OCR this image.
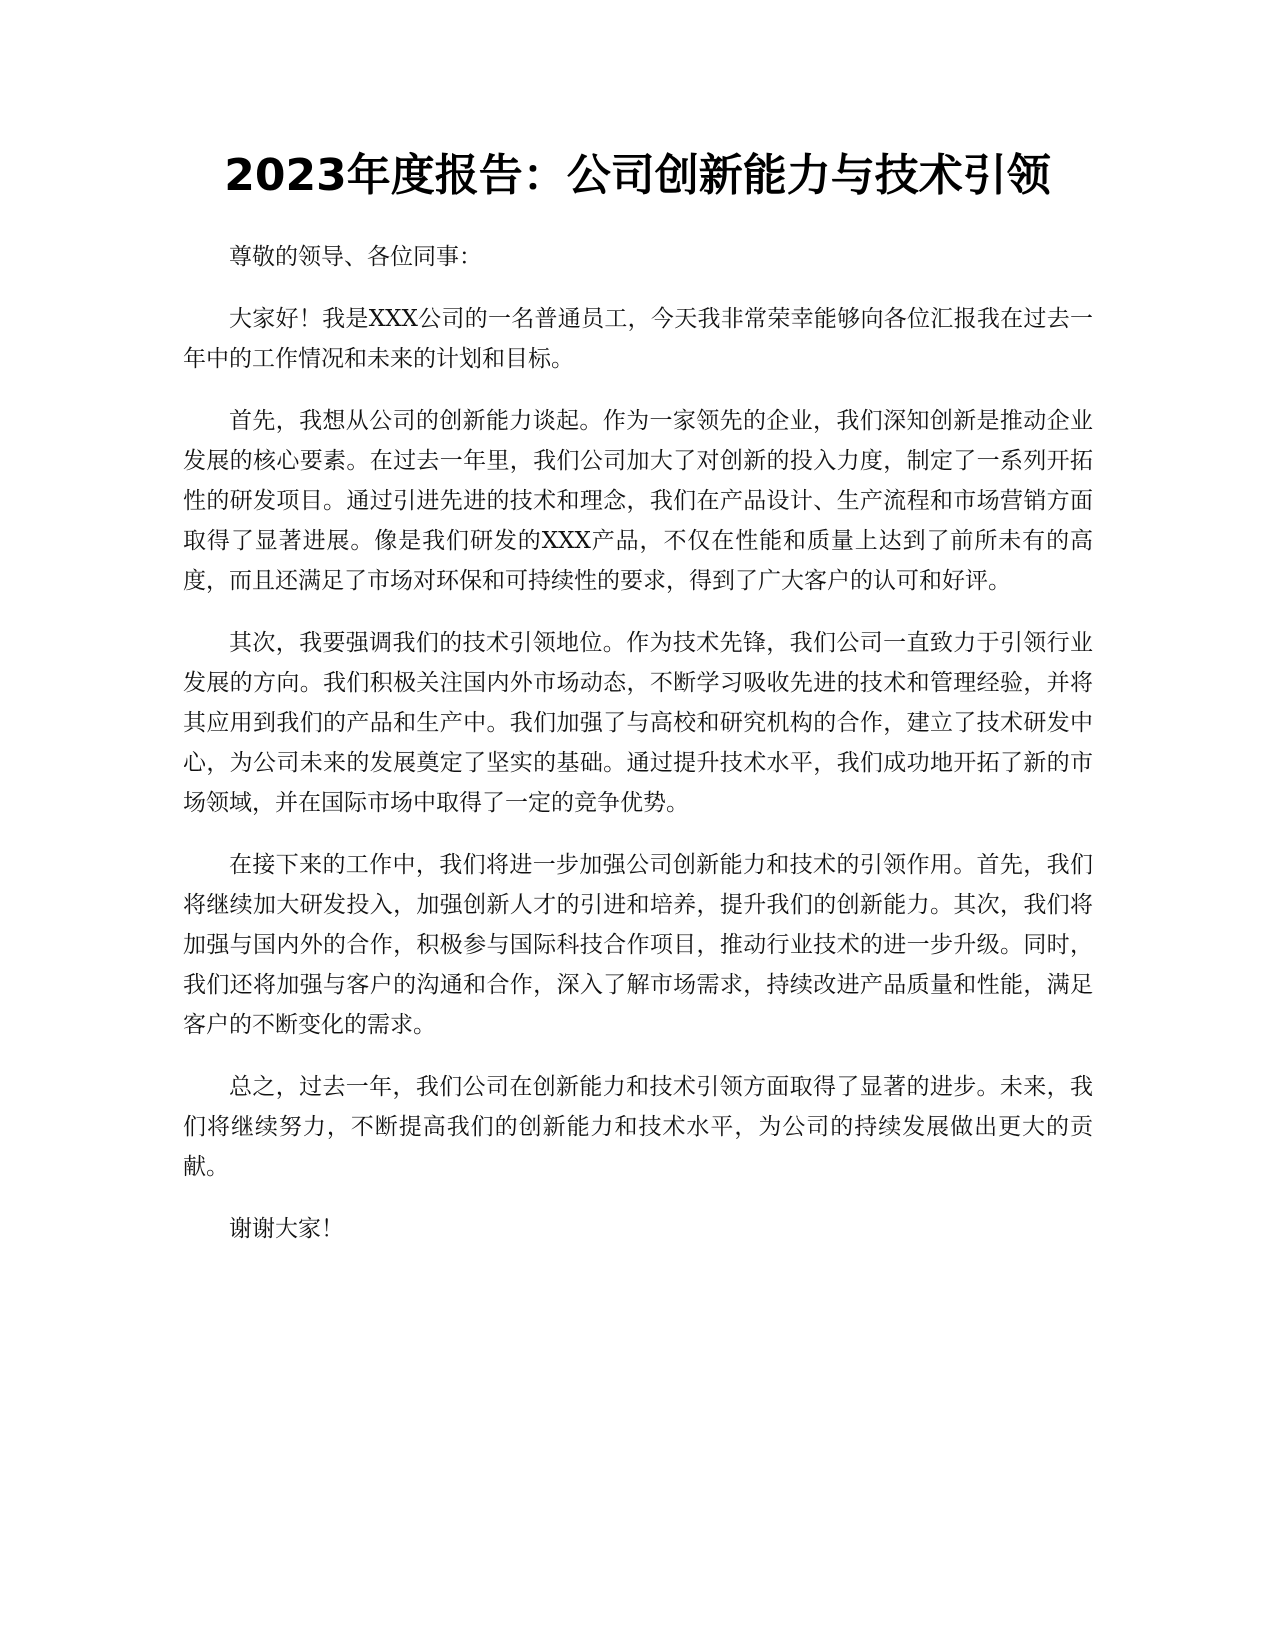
2023年度报告：公司创新能力与技术引领

尊敬的领导、各位同事：

大家好！我是XXX公司的一名普通员工，今天我非常荣幸能够向各位汇报我在过去一年中的工作情况和未来的计划和目标。

首先，我想从公司的创新能力谈起。作为一家领先的企业，我们深知创新是推动企业发展的核心要素。在过去一年里，我们公司加大了对创新的投入力度，制定了一系列开拓性的研发项目。通过引进先进的技术和理念，我们在产品设计、生产流程和市场营销方面取得了显著进展。像是我们研发的XXX产品，不仅在性能和质量上达到了前所未有的高度，而且还满足了市场对环保和可持续性的要求，得到了广大客户的认可和好评。

其次，我要强调我们的技术引领地位。作为技术先锋，我们公司一直致力于引领行业发展的方向。我们积极关注国内外市场动态，不断学习吸收先进的技术和管理经验，并将其应用到我们的产品和生产中。我们加强了与高校和研究机构的合作，建立了技术研发中心，为公司未来的发展奠定了坚实的基础。通过提升技术水平，我们成功地开拓了新的市场领域，并在国际市场中取得了一定的竞争优势。

在接下来的工作中，我们将进一步加强公司创新能力和技术的引领作用。首先，我们将继续加大研发投入，加强创新人才的引进和培养，提升我们的创新能力。其次，我们将加强与国内外的合作，积极参与国际科技合作项目，推动行业技术的进一步升级。同时，我们还将加强与客户的沟通和合作，深入了解市场需求，持续改进产品质量和性能，满足客户的不断变化的需求。

总之，过去一年，我们公司在创新能力和技术引领方面取得了显著的进步。未来，我们将继续努力，不断提高我们的创新能力和技术水平，为公司的持续发展做出更大的贡献。

谢谢大家！
